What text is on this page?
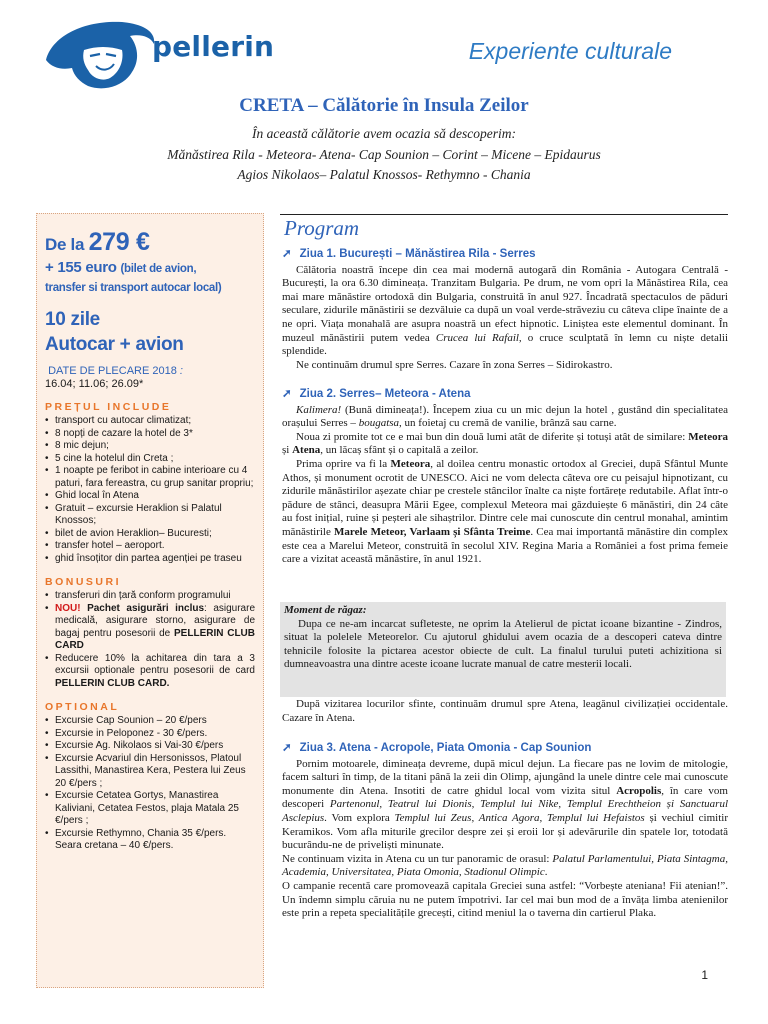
pellerin	Experiente culturale
CRETA – Călătorie în Insula Zeilor
În această călătorie avem ocazia să descoperim:
Mănăstirea Rila - Meteora- Atena- Cap Sounion – Corint – Micene – Epidaurus
Agios Nikolaos– Palatul Knossos- Rethymno - Chania
De la 279 €
+ 155 euro (bilet de avion,
transfer si transport autocar local)
10 zile
Autocar + avion
DATE DE PLECARE 2018 :
16.04; 11.06; 26.09*
PREȚUL INCLUDE
• transport cu autocar climatizat;
• 8 nopți de cazare la hotel de 3*
• 8 mic dejun;
• 5 cine la hotelul din Creta ;
• 1 noapte pe feribot in cabine interioare cu 4 paturi, fara fereastra, cu grup sanitar propriu;
• Ghid local în Atena
• Gratuit – excursie Heraklion si Palatul Knossos;
• bilet de avion Heraklion– Bucuresti;
• transfer hotel – aeroport.
• ghid însoțitor din partea agenției pe traseu
BONUSURI
• transferuri din țară conform programului
• NOU! Pachet asigurări inclus: asigurare medicală, asigurare storno, asigurare de bagaj pentru posesorii de PELLERIN CLUB CARD
• Reducere 10% la achitarea din tara a 3 excursii optionale pentru posesorii de card PELLERIN CLUB CARD.
OPTIONAL
• Excursie Cap Sounion – 20 €/pers
• Excursie in Peloponez - 30 €/pers.
• Excursie Ag. Nikolaos si Vai-30 €/pers
• Excursie Acvariul din Hersonissos, Platoul Lassithi, Manastirea Kera, Pestera lui Zeus 20 €/pers ;
• Excursie Cetatea Gortys, Manastirea Kaliviani, Cetatea Festos, plaja Matala 25 €/pers ;
• Excursie Rethymno, Chania 35 €/pers. Seara cretana – 40 €/pers.
Program
➚ Ziua 1. București – Mănăstirea Rila - Serres
Călătoria noastră începe din cea mai modernă autogară din România - Autogara Centrală - București, la ora 6.30 dimineața. Tranzitam Bulgaria. Pe drum, ne vom opri la Mănăstirea Rila, cea mai mare mănăstire ortodoxă din Bulgaria, construită în anul 927. Încadrată spectaculos de păduri seculare, zidurile mănăstirii se dezvăluie ca după un voal verde-străveziu cu câteva clipe înainte de a ne opri. Viața monahală are asupra noastră un efect hipnotic. Liniștea este elementul dominant. În muzeul mănăstirii putem vedea Crucea lui Rafail, o cruce sculptată în lemn cu niște detalii splendide.
Ne continuăm drumul spre Serres. Cazare în zona Serres – Sidirokastro.
➚ Ziua 2. Serres– Meteora - Atena
Kalimera! (Bună dimineața!). Începem ziua cu un mic dejun la hotel , gustând din specialitatea orașului Serres – bougatsa, un foietaj cu cremă de vanilie, brânză sau carne.
Noua zi promite tot ce e mai bun din două lumi atât de diferite și totuși atât de similare: Meteora și Atena, un lăcaș sfânt și o capitală a zeilor.
Prima oprire va fi la Meteora, al doilea centru monastic ortodox al Greciei, după Sfântul Munte Athos, și monument ocrotit de UNESCO. Aici ne vom delecta câteva ore cu peisajul hipnotizant, cu zidurile mănăstirilor așezate chiar pe crestele stâncilor înalte ca niște fortărețe redutabile. Aflat într-o pădure de stânci, deasupra Mării Egee, complexul Meteora mai găzduiește 6 mănăstiri, din 24 câte au fost inițial, ruine și peșteri ale sihaștrilor. Dintre cele mai cunoscute din centrul monahal, amintim mănăstirile Marele Meteor, Varlaam și Sfânta Treime. Cea mai importantă mănăstire din complex este cea a Marelui Meteor, construită în secolul XIV. Regina Maria a României a fost prima femeie care a vizitat această mănăstire, în anul 1921.
Moment de răgaz:
Dupa ce ne-am incarcat sufleteste, ne oprim la Atelierul de pictat icoane bizantine - Zindros, situat la polelele Meteorelor. Cu ajutorul ghidului avem ocazia de a descoperi cateva dintre tehnicile folosite la pictarea acestor obiecte de cult. La finalul turului puteti achizitiona si dumneavoastra una dintre aceste icoane lucrate manual de catre mesterii locali.
După vizitarea locurilor sfinte, continuăm drumul spre Atena, leagănul civilizației occidentale. Cazare în Atena.
➚ Ziua 3. Atena - Acropole, Piata Omonia - Cap Sounion
Pornim motoarele, dimineața devreme, după micul dejun. La fiecare pas ne lovim de mitologie, facem salturi în timp, de la titani până la zeii din Olimp, ajungând la unele dintre cele mai cunoscute monumente din Atena. Insotiti de catre ghidul local vom vizita situl Acropolis, în care vom descoperi Partenonul, Teatrul lui Dionis, Templul lui Nike, Templul Erechtheion și Sanctuarul Asclepius. Vom explora Templul lui Zeus, Antica Agora, Templul lui Hefaistos și vechiul cimitir Keramikos. Vom afla miturile grecilor despre zei și eroii lor și adevărurile din spatele lor, totodată bucurându-ne de priveliști minunate.
Ne continuam vizita in Atena cu un tur panoramic de orasul: Palatul Parlamentului, Piata Sintagma, Academia, Universitatea, Piata Omonia, Stadionul Olimpic.
O campanie recentă care promovează capitala Greciei suna astfel: “Vorbește ateniana! Fii atenian!”. Un îndemn simplu căruia nu ne putem împotrivi. Iar cel mai bun mod de a învăța limba atenienilor este prin a repeta specialitățile grecești, citind meniul la o taverna din cartierul Plaka.
1
